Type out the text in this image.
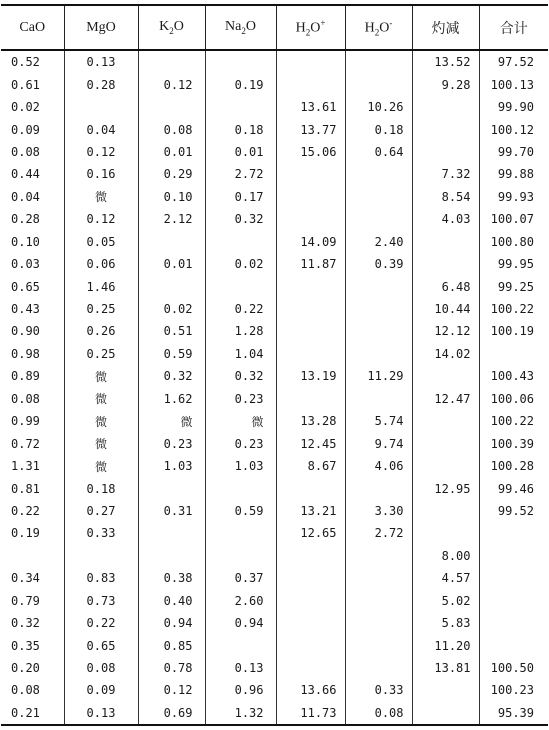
CaO	MgO	$K_2O$	$Na_2O$	$H_2O^+$	$H_2O^-$	灼减	合计
0.52	0.13					13.52	97.52
0.61	0.28	0.12	0.19			9.28	100.13
0.02				13.61	10.26		99.90
0.09	0.04	0.08	0.18	13.77	0.18		100.12
0.08	0.12	0.01	0.01	15.06	0.64		99.70
0.44	0.16	0.29	2.72			7.32	99.88
0.04	微	0.10	0.17			8.54	99.93
0.28	0.12	2.12	0.32			4.03	100.07
0.10	0.05			14.09	2.40		100.80
0.03	0.06	0.01	0.02	11.87	0.39		99.95
0.65	1.46					6.48	99.25
0.43	0.25	0.02	0.22			10.44	100.22
0.90	0.26	0.51	1.28			12.12	100.19
0.98	0.25	0.59	1.04			14.02	
0.89	微	0.32	0.32	13.19	11.29		100.43
0.08	微	1.62	0.23			12.47	100.06
0.99	微	微	微	13.28	5.74		100.22
0.72	微	0.23	0.23	12.45	9.74		100.39
1.31	微	1.03	1.03	8.67	4.06		100.28
0.81	0.18					12.95	99.46
0.22	0.27	0.31	0.59	13.21	3.30		99.52
0.19	0.33			12.65	2.72		
						8.00	
0.34	0.83	0.38	0.37			4.57	
0.79	0.73	0.40	2.60			5.02	
0.32	0.22	0.94	0.94			5.83	
0.35	0.65	0.85				11.20	
0.20	0.08	0.78	0.13			13.81	100.50
0.08	0.09	0.12	0.96	13.66	0.33		100.23
0.21	0.13	0.69	1.32	11.73	0.08		95.39
